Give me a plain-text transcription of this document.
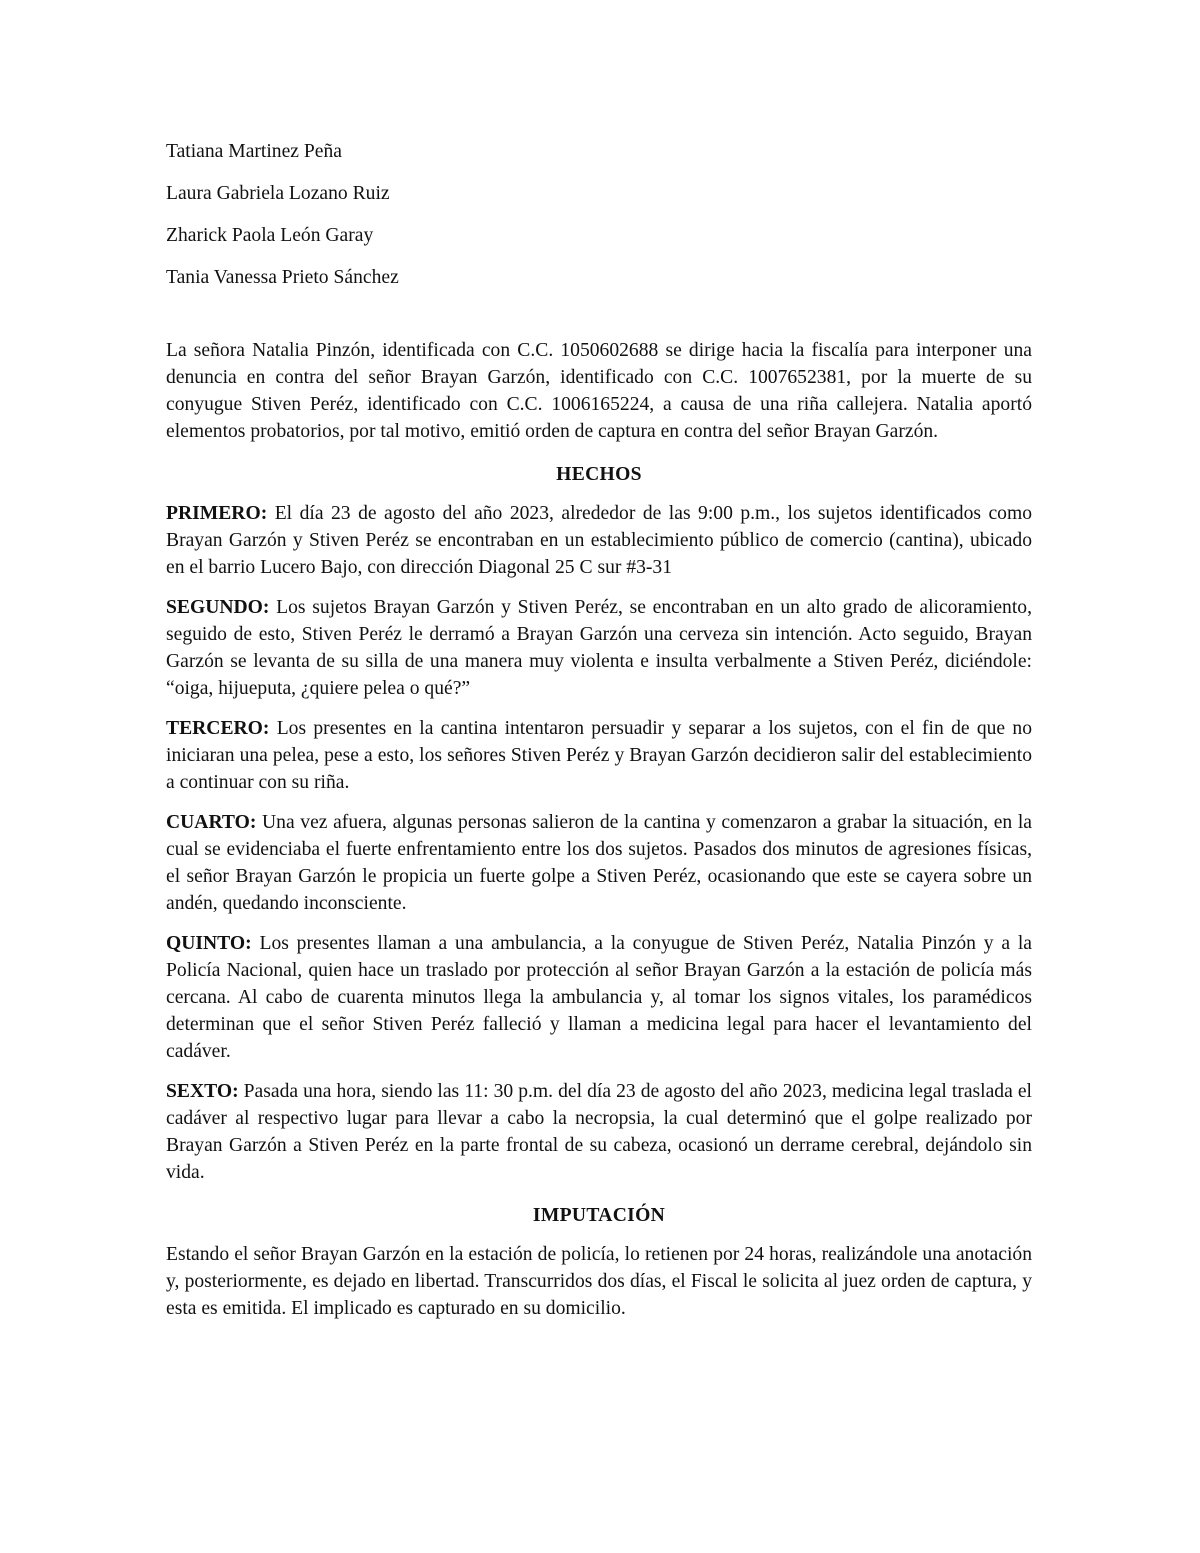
Tatiana Martinez Peña
Laura Gabriela Lozano Ruiz
Zharick Paola León Garay
Tania Vanessa Prieto Sánchez

La señora Natalia Pinzón, identificada con C.C. 1050602688 se dirige hacia la fiscalía para interponer una denuncia en contra del señor Brayan Garzón, identificado con C.C. 1007652381, por la muerte de su conyugue Stiven Peréz, identificado con C.C. 1006165224, a causa de una riña callejera. Natalia aportó elementos probatorios, por tal motivo, emitió orden de captura en contra del señor Brayan Garzón.

HECHOS

PRIMERO: El día 23 de agosto del año 2023, alrededor de las 9:00 p.m., los sujetos identificados como Brayan Garzón y Stiven Peréz se encontraban en un establecimiento público de comercio (cantina), ubicado en el barrio Lucero Bajo, con dirección Diagonal 25 C sur #3-31

SEGUNDO: Los sujetos Brayan Garzón y Stiven Peréz, se encontraban en un alto grado de alicoramiento, seguido de esto, Stiven Peréz le derramó a Brayan Garzón una cerveza sin intención. Acto seguido, Brayan Garzón se levanta de su silla de una manera muy violenta e insulta verbalmente a Stiven Peréz, diciéndole: “oiga, hijueputa, ¿quiere pelea o qué?”

TERCERO: Los presentes en la cantina intentaron persuadir y separar a los sujetos, con el fin de que no iniciaran una pelea, pese a esto, los señores Stiven Peréz y Brayan Garzón decidieron salir del establecimiento a continuar con su riña.

CUARTO: Una vez afuera, algunas personas salieron de la cantina y comenzaron a grabar la situación, en la cual se evidenciaba el fuerte enfrentamiento entre los dos sujetos. Pasados dos minutos de agresiones físicas, el señor Brayan Garzón le propicia un fuerte golpe a Stiven Peréz, ocasionando que este se cayera sobre un andén, quedando inconsciente.

QUINTO: Los presentes llaman a una ambulancia, a la conyugue de Stiven Peréz, Natalia Pinzón y a la Policía Nacional, quien hace un traslado por protección al señor Brayan Garzón a la estación de policía más cercana. Al cabo de cuarenta minutos llega la ambulancia y, al tomar los signos vitales, los paramédicos determinan que el señor Stiven Peréz falleció y llaman a medicina legal para hacer el levantamiento del cadáver.

SEXTO: Pasada una hora, siendo las 11: 30 p.m. del día 23 de agosto del año 2023, medicina legal traslada el cadáver al respectivo lugar para llevar a cabo la necropsia, la cual determinó que el golpe realizado por Brayan Garzón a Stiven Peréz en la parte frontal de su cabeza, ocasionó un derrame cerebral, dejándolo sin vida.

IMPUTACIÓN

Estando el señor Brayan Garzón en la estación de policía, lo retienen por 24 horas, realizándole una anotación y, posteriormente, es dejado en libertad. Transcurridos dos días, el Fiscal le solicita al juez orden de captura, y esta es emitida. El implicado es capturado en su domicilio.
